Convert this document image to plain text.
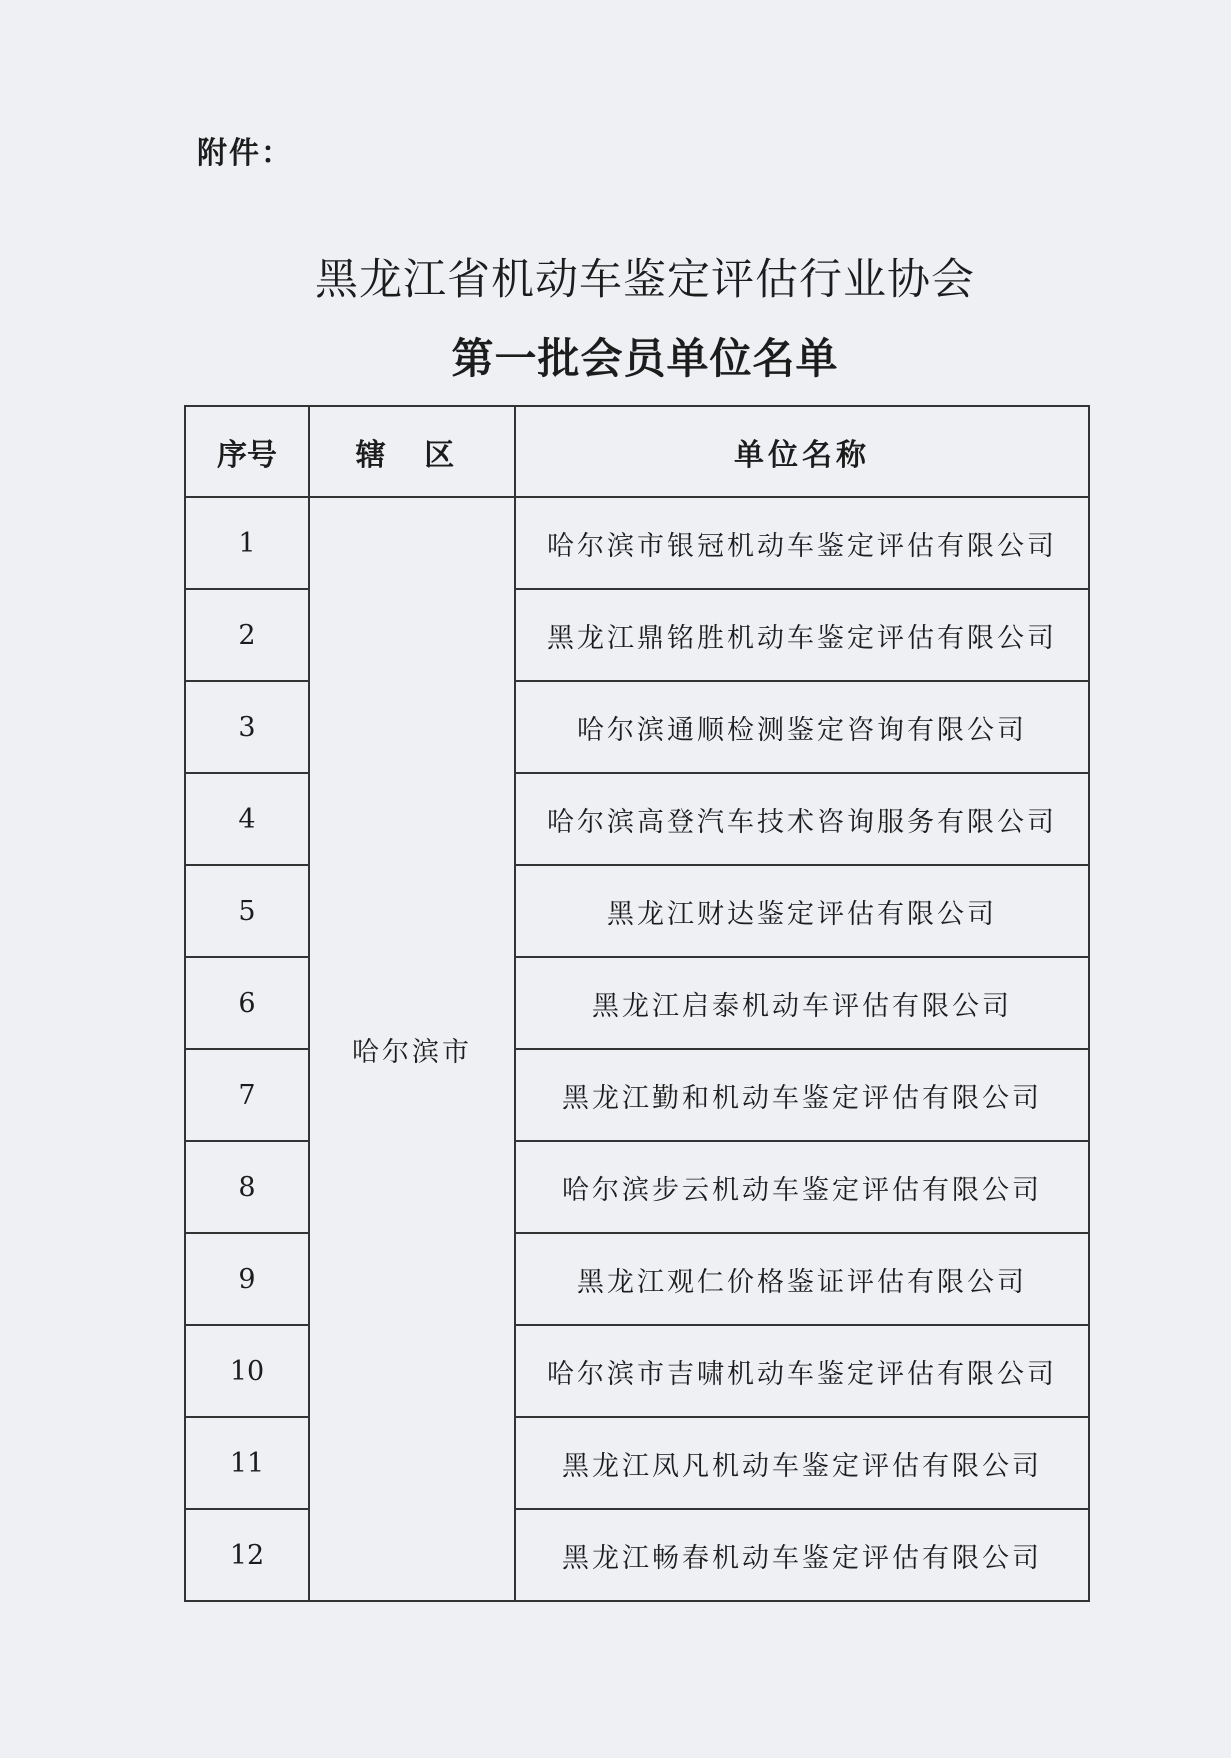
附件：
黑龙江省机动车鉴定评估行业协会
第一批会员单位名单
序号	辖 区	单位名称
1	哈尔滨市	哈尔滨市银冠机动车鉴定评估有限公司
2		黑龙江鼎铭胜机动车鉴定评估有限公司
3		哈尔滨通顺检测鉴定咨询有限公司
4		哈尔滨高登汽车技术咨询服务有限公司
5		黑龙江财达鉴定评估有限公司
6		黑龙江启泰机动车评估有限公司
7		黑龙江勤和机动车鉴定评估有限公司
8		哈尔滨步云机动车鉴定评估有限公司
9		黑龙江观仁价格鉴证评估有限公司
10		哈尔滨市吉啸机动车鉴定评估有限公司
11		黑龙江凤凡机动车鉴定评估有限公司
12		黑龙江畅春机动车鉴定评估有限公司
